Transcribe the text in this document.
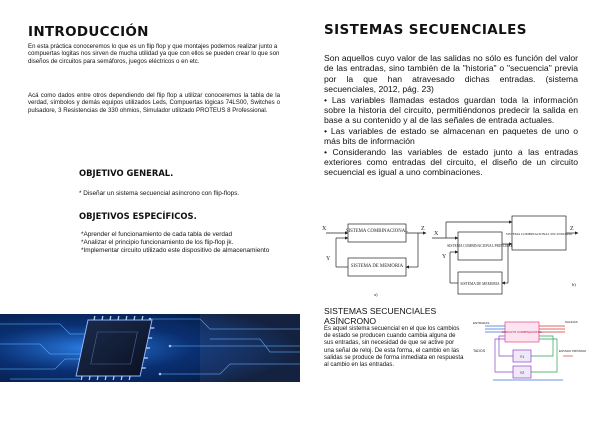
INTRODUCCIÓN
En esta práctica conoceremos lo que es un flip flop y que montajes podemos realizar junto a compuertas logitas nos sirven de mucha utilidad ya que con ellos se pueden crear lo que son diseños de circuitos para semáforos, juegos eléctricos o en etc.
Acá como dados entre otros dependiendo del flip flop a utilizar conoceremos la tabla de la verdad, símbolos y demás equipos utilizados Leds, Compuertas lógicas 74LS00, Switches o pulsadore, 3 Resistencias de 330 ohmios, Simulador utilizado PROTEUS 8 Professional.
OBJETIVO GENERAL.
* Diseñar un sistema secuencial asíncrono con flip-flops.
OBJETIVOS ESPECÍFICOS.
*Aprender el funcionamiento de cada tabla de verdad
*Analizar el principio funcionamiento de los flip-flop jk.
*Implementar circuito utilizado este dispositivo de almacenamiento
SISTEMAS SECUENCIALES

Son aquellos cuyo valor de las salidas no sólo es función del valor de las entradas, sino también de la "historia" o "secuencia" previa por la que han atravesado dichas entradas. (sistema secuenciales, 2012, pág. 23)

• Las variables llamadas estados guardan toda la información sobre la historia del circuito, permitiéndonos predecir la salida en base a su contenido y al de las señales de entrada actuales.

• Las variables de estado se almacenan en paquetes de uno o más bits de información

• Considerando las variables de estado junto a las entradas exteriores como entradas del circuito, el diseño de un circuito secuencial es igual a uno combinaciones.

SISTEMA COMBINACIONAL
SISTEMA DE MEMORIA
SISTEMA COMBINACIONAL PRINCIPAL
SISTEMA DE MEMORIA
SISTEMA COMBINACIONAL SECUNDARIO
X
Y
Z
a)
X
Y
Z
b)
SISTEMAS SECUENCIALES ASÍNCRONO
Es aquel sistema secuencial en el que los cambios de estado se producen cuando cambia alguna de sus entradas, sin necesidad de que se active por una señal de reloj. De esta forma, el cambio en las salidas se produce de forma inmediata en respuesta al cambio en las entradas.
CIRCUITO COMBINACIONAL
Y1
Y2
ENTRADAS
TADOS	ESTADO PRÓXIMO
SALIDAS
